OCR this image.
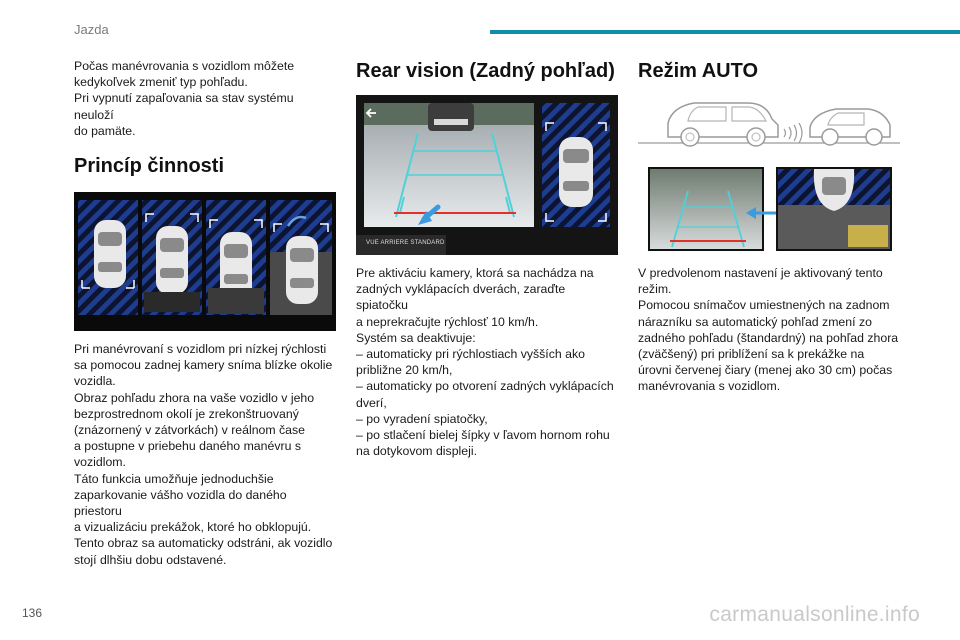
Jazda

Počas manévrovania s vozidlom môžete
kedykoľvek zmeniť typ pohľadu.
Pri vypnutí zapaľovania sa stav systému neuloží
do pamäte.

Princíp činnosti

Pri manévrovaní s vozidlom pri nízkej rýchlosti
sa pomocou zadnej kamery sníma blízke okolie
vozidla.
Obraz pohľadu zhora na vaše vozidlo v jeho
bezprostrednom okolí je zrekonštruovaný
(znázornený v zátvorkách) v reálnom čase
a postupne v priebehu daného manévru s
vozidlom.
Táto funkcia umožňuje jednoduchšie
zaparkovanie vášho vozidla do daného priestoru
a vizualizáciu prekážok, ktoré ho obklopujú.
Tento obraz sa automaticky odstráni, ak vozidlo
stojí dlhšiu dobu odstavené.

Rear vision (Zadný pohľad)
VUE ARRIERE STANDARD

Pre aktiváciu kamery, ktorá sa nachádza na
zadných vyklápacích dverách, zaraďte spiatočku
a neprekračujte rýchlosť 10 km/h.
Systém sa deaktivuje:
– automaticky pri rýchlostiach vyšších ako
približne 20 km/h,
– automaticky po otvorení zadných vyklápacích
dverí,
– po vyradení spiatočky,
– po stlačení bielej šípky v ľavom hornom rohu
na dotykovom displeji.

Režim AUTO

V predvolenom nastavení je aktivovaný tento
režim.
Pomocou snímačov umiestnených na zadnom
nárazníku sa automatický pohľad zmení zo
zadného pohľadu (štandardný) na pohľad zhora
(zväčšený) pri priblížení sa k prekážke na
úrovni červenej čiary (menej ako 30 cm) počas
manévrovania s vozidlom.

136	carmanualsonline.info
